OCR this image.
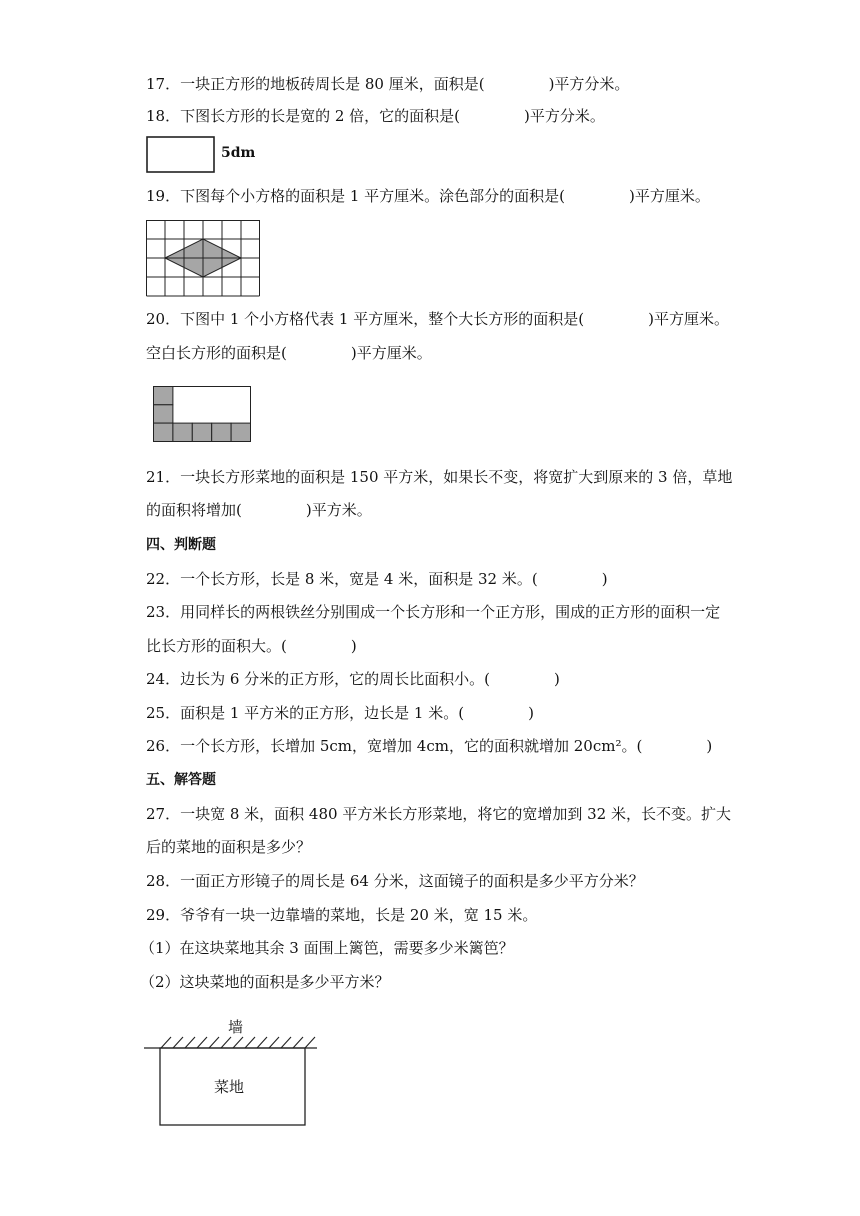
17．一块正方形的地板砖周长是 80 厘米，面积是(	)平方分米。
18．下图长方形的长是宽的 2 倍，它的面积是(	)平方分米。
5dm
19．下图每个小方格的面积是 1 平方厘米。涂色部分的面积是(	)平方厘米。
20．下图中 1 个小方格代表 1 平方厘米，整个大长方形的面积是(	)平方厘米。
空白长方形的面积是(	)平方厘米。
21．一块长方形菜地的面积是 150 平方米，如果长不变，将宽扩大到原来的 3 倍，草地
的面积将增加(	)平方米。
四、判断题
22．一个长方形，长是 8 米，宽是 4 米，面积是 32 米。(	)
23．用同样长的两根铁丝分别围成一个长方形和一个正方形，围成的正方形的面积一定
比长方形的面积大。(	)
24．边长为 6 分米的正方形，它的周长比面积小。(	)
25．面积是 1 平方米的正方形，边长是 1 米。(	)
26．一个长方形，长增加 5cm，宽增加 4cm，它的面积就增加 20cm²。(	)
五、解答题
27．一块宽 8 米，面积 480 平方米长方形菜地，将它的宽增加到 32 米，长不变。扩大
后的菜地的面积是多少？
28．一面正方形镜子的周长是 64 分米，这面镜子的面积是多少平方分米？
29．爷爷有一块一边靠墙的菜地，长是 20 米，宽 15 米。
（1）在这块菜地其余 3 面围上篱笆，需要多少米篱笆？
（2）这块菜地的面积是多少平方米？
墙
菜地
